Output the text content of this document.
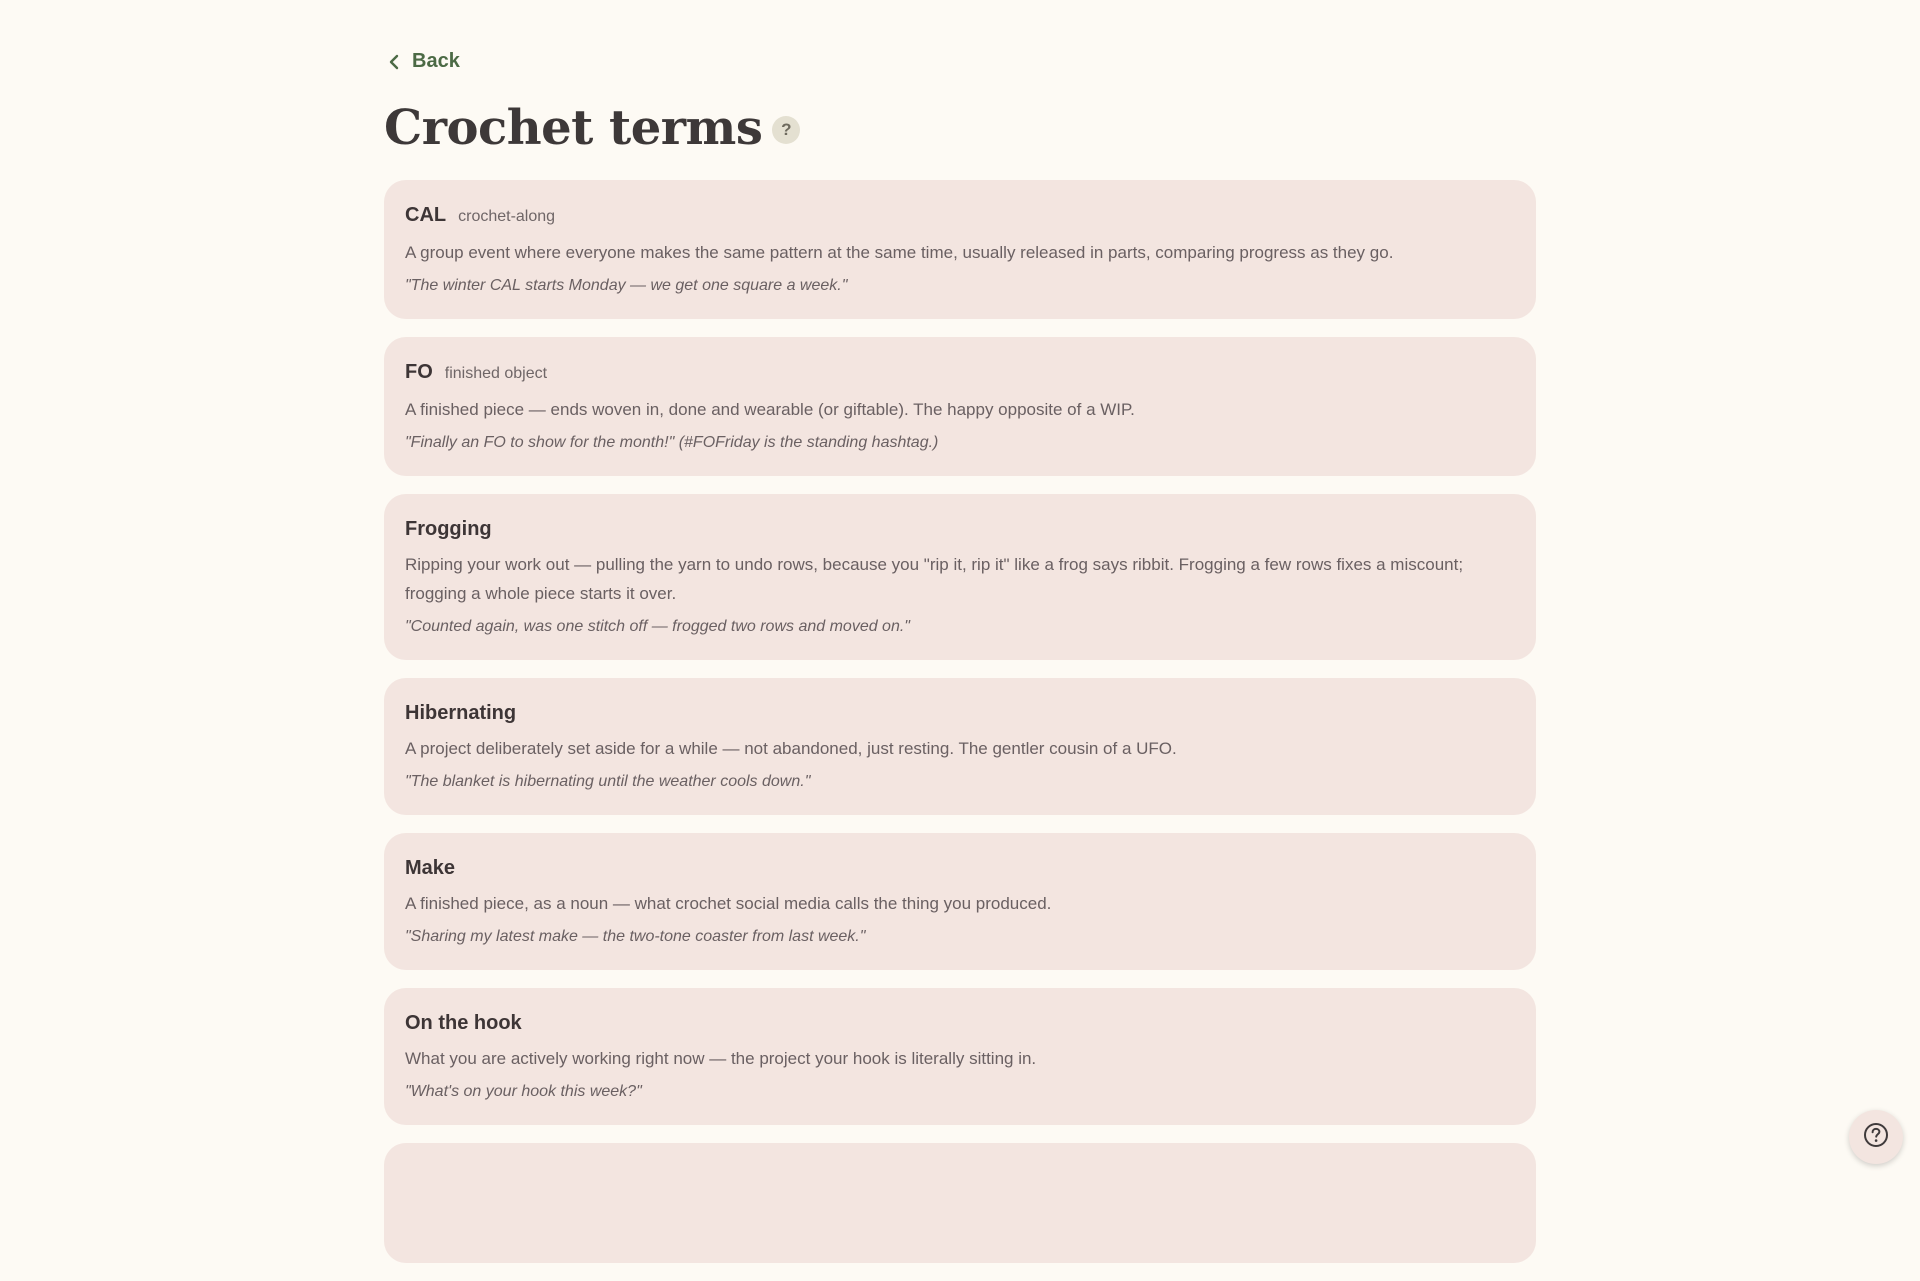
Back
Crochet terms	?
CAL crochet-along
A group event where everyone makes the same pattern at the same time, usually released in parts, comparing progress as they go.
"The winter CAL starts Monday — we get one square a week."
FO finished object
A finished piece — ends woven in, done and wearable (or giftable). The happy opposite of a WIP.
"Finally an FO to show for the month!" (#FOFriday is the standing hashtag.)
Frogging
Ripping your work out — pulling the yarn to undo rows, because you "rip it, rip it" like a frog says ribbit. Frogging a few rows fixes a miscount; frogging a whole piece starts it over.
"Counted again, was one stitch off — frogged two rows and moved on."
Hibernating
A project deliberately set aside for a while — not abandoned, just resting. The gentler cousin of a UFO.
"The blanket is hibernating until the weather cools down."
Make
A finished piece, as a noun — what crochet social media calls the thing you produced.
"Sharing my latest make — the two-tone coaster from last week."
On the hook
What you are actively working right now — the project your hook is literally sitting in.
"What's on your hook this week?"
